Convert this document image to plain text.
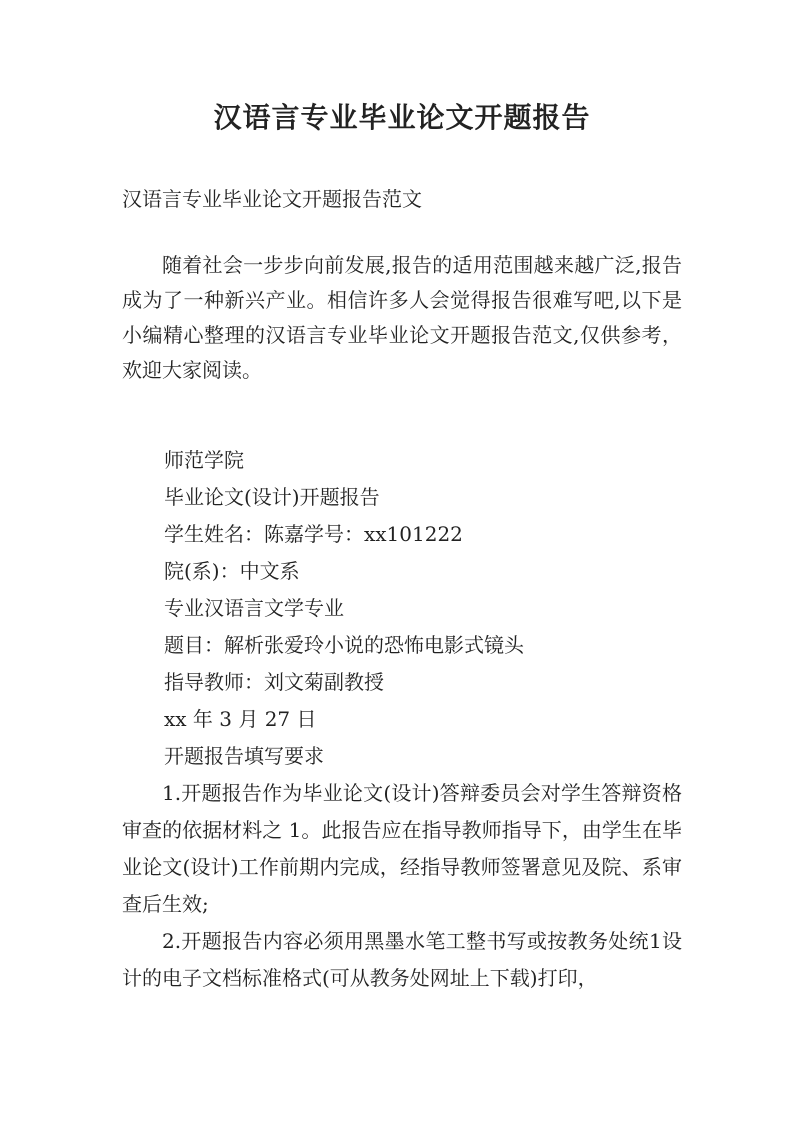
汉语言专业毕业论文开题报告

汉语言专业毕业论文开题报告范文

随着社会一步步向前发展,报告的适用范围越来越广泛,报告成为了一种新兴产业。相信许多人会觉得报告很难写吧,以下是小编精心整理的汉语言专业毕业论文开题报告范文,仅供参考，欢迎大家阅读。

师范学院
毕业论文(设计)开题报告
学生姓名：陈嘉学号：xx101222
院(系)：中文系
专业汉语言文学专业
题目：解析张爱玲小说的恐怖电影式镜头
指导教师：刘文菊副教授
xx 年 3 月 27 日
开题报告填写要求

1.开题报告作为毕业论文(设计)答辩委员会对学生答辩资格审查的依据材料之 1。此报告应在指导教师指导下，由学生在毕业论文(设计)工作前期内完成，经指导教师签署意见及院、系审查后生效;

2.开题报告内容必须用黑墨水笔工整书写或按教务处统1设计的电子文档标准格式(可从教务处网址上下载)打印，
